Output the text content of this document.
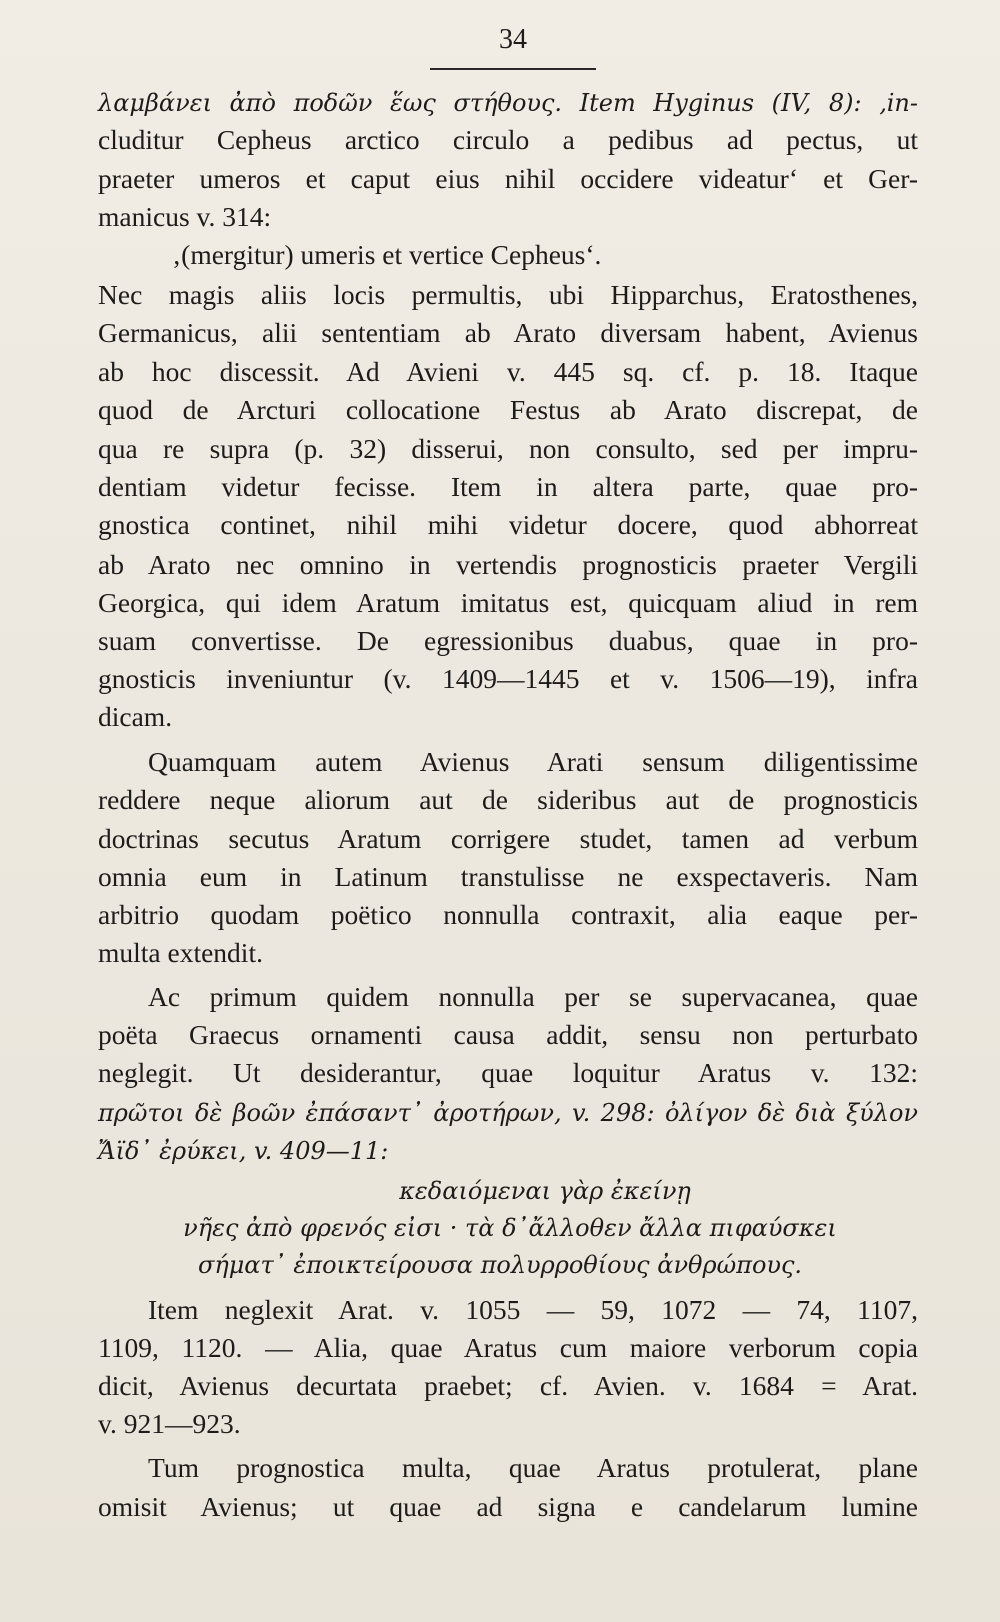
34
λαμβάνει ἀπὸ ποδῶν ἕως στήθους. Item Hyginus (IV, 8): ‚in-
cluditur Cepheus arctico circulo a pedibus ad pectus, ut
praeter umeros et caput eius nihil occidere videatur‘ et Ger-
manicus v. 314:
‚(mergitur) umeris et vertice Cepheus‘.
Nec magis aliis locis permultis, ubi Hipparchus, Eratosthenes,
Germanicus, alii sententiam ab Arato diversam habent, Avienus
ab hoc discessit. Ad Avieni v. 445 sq. cf. p. 18. Itaque
quod de Arcturi collocatione Festus ab Arato discrepat, de
qua re supra (p. 32) disserui, non consulto, sed per impru-
dentiam videtur fecisse. Item in altera parte, quae pro-
gnostica continet, nihil mihi videtur docere, quod abhorreat
ab Arato nec omnino in vertendis prognosticis praeter Vergili
Georgica, qui idem Aratum imitatus est, quicquam aliud in rem
suam convertisse. De egressionibus duabus, quae in pro-
gnosticis inveniuntur (v. 1409—1445 et v. 1506—19), infra
dicam.
Quamquam autem Avienus Arati sensum diligentissime
reddere neque aliorum aut de sideribus aut de prognosticis
doctrinas secutus Aratum corrigere studet, tamen ad verbum
omnia eum in Latinum transtulisse ne exspectaveris. Nam
arbitrio quodam poëtico nonnulla contraxit, alia eaque per-
multa extendit.
Ac primum quidem nonnulla per se supervacanea, quae
poëta Graecus ornamenti causa addit, sensu non perturbato
neglegit. Ut desiderantur, quae loquitur Aratus v. 132:
πρῶτοι δὲ βοῶν ἐπάσαντ᾽ ἀροτήρων, v. 298: ὀλίγον δὲ διὰ ξύλον
Ἄϊδ᾽ ἐρύκει, v. 409—11:
κεδαιόμεναι γὰρ ἐκείνῃ
νῆες ἀπὸ φρενός εἰσι · τὰ δ᾽ἄλλοθεν ἄλλα πιφαύσκει
σήματ᾽ ἐποικτείρουσα πολυρροθίους ἀνθρώπους.
Item neglexit Arat. v. 1055 — 59, 1072 — 74, 1107,
1109, 1120. — Alia, quae Aratus cum maiore verborum copia
dicit, Avienus decurtata praebet; cf. Avien. v. 1684 = Arat.
v. 921—923.
Tum prognostica multa, quae Aratus protulerat, plane
omisit Avienus; ut quae ad signa e candelarum lumine
